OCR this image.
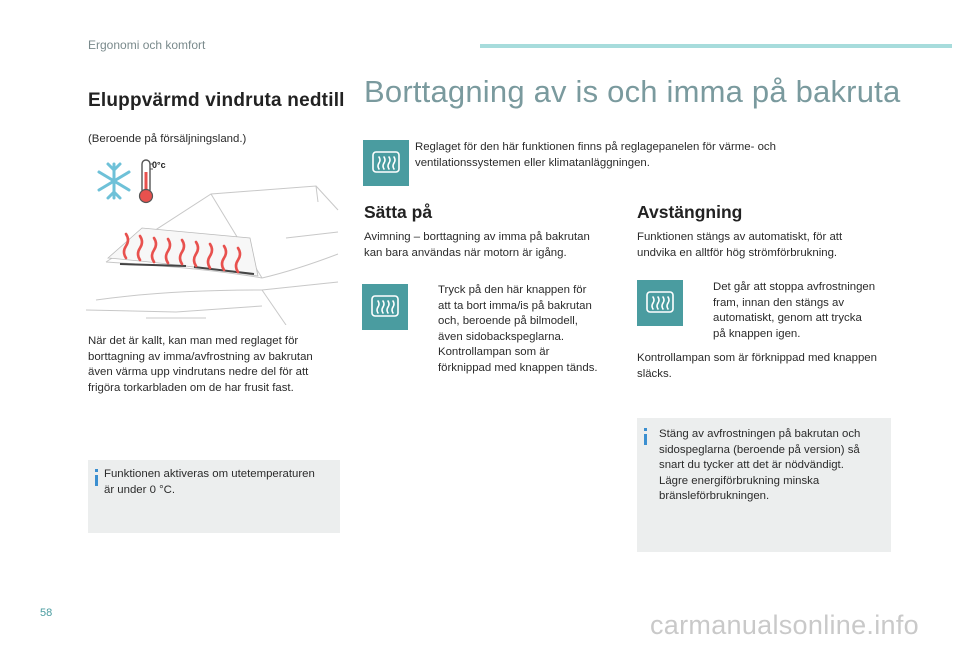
Ergonomi och komfort
Eluppvärmd vindruta nedtill
(Beroende på försäljningsland.)
0°c
När det är kallt, kan man med reglaget för
borttagning av imma/avfrostning av bakrutan
även värma upp vindrutans nedre del för att
frigöra torkarbladen om de har frusit fast.
Funktionen aktiveras om utetemperaturen
är under 0 °C.
Borttagning av is och imma på bakruta
Reglaget för den här funktionen finns på reglagepanelen för värme- och
ventilationssystemen eller klimatanläggningen.
Sätta på
Avimning – borttagning av imma på bakrutan
kan bara användas när motorn är igång.
Tryck på den här knappen för
att ta bort imma/is på bakrutan
och, beroende på bilmodell,
även sidobackspeglarna.
Kontrollampan som är
förknippad med knappen tänds.
Avstängning
Funktionen stängs av automatiskt, för att
undvika en alltför hög strömförbrukning.
Det går att stoppa avfrostningen
fram, innan den stängs av
automatiskt, genom att trycka
på knappen igen.
Kontrollampan som är förknippad med knappen
släcks.
Stäng av avfrostningen på bakrutan och
sidospeglarna (beroende på version) så
snart du tycker att det är nödvändigt.
Lägre energiförbrukning minska
bränsleförbrukningen.
58	carmanualsonline.info
